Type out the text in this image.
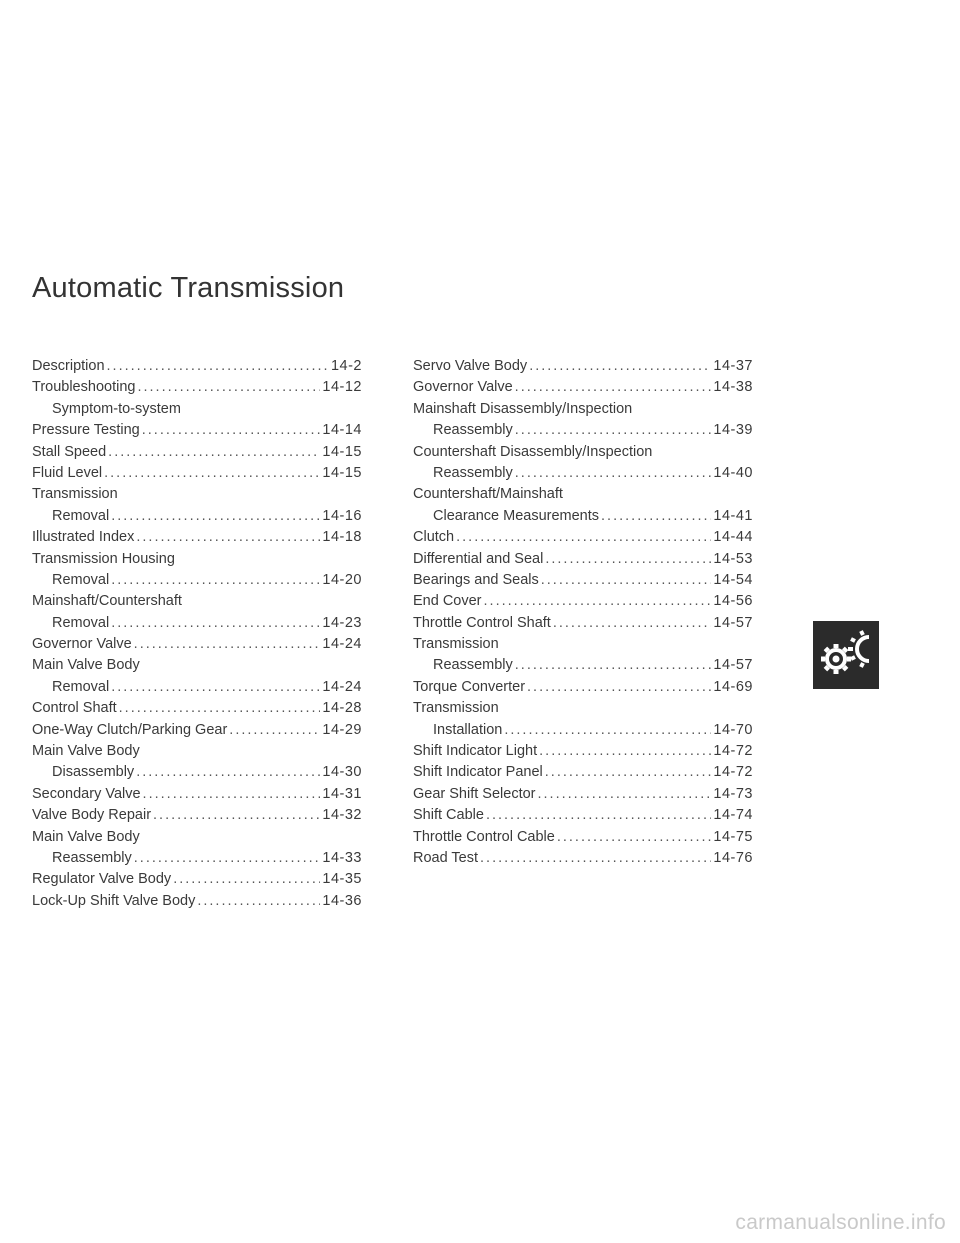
Automatic Transmission
Description .....	14-2
Troubleshooting .....	14-12
Symptom-to-system
Pressure Testing .....	14-14
Stall Speed .....	14-15
Fluid Level .....	14-15
Transmission
Removal .....	14-16
Illustrated Index .....	14-18
Transmission Housing
Removal .....	14-20
Mainshaft/Countershaft
Removal .....	14-23
Governor Valve .....	14-24
Main Valve Body
Removal .....	14-24
Control Shaft .....	14-28
One-Way Clutch/Parking Gear .....	14-29
Main Valve Body
Disassembly .....	14-30
Secondary Valve .....	14-31
Valve Body Repair .....	14-32
Main Valve Body
Reassembly .....	14-33
Regulator Valve Body .....	14-35
Lock-Up Shift Valve Body .....	14-36
Servo Valve Body .....	14-37
Governor Valve .....	14-38
Mainshaft Disassembly/Inspection
Reassembly .....	14-39
Countershaft Disassembly/Inspection
Reassembly .....	14-40
Countershaft/Mainshaft
Clearance Measurements .....	14-41
Clutch .....	14-44
Differential and Seal .....	14-53
Bearings and Seals .....	14-54
End Cover .....	14-56
Throttle Control Shaft .....	14-57
Transmission
Reassembly .....	14-57
Torque Converter .....	14-69
Transmission
Installation .....	14-70
Shift Indicator Light .....	14-72
Shift Indicator Panel .....	14-72
Gear Shift Selector .....	14-73
Shift Cable .....	14-74
Throttle Control Cable .....	14-75
Road Test .....	14-76
carmanualsonline.info
